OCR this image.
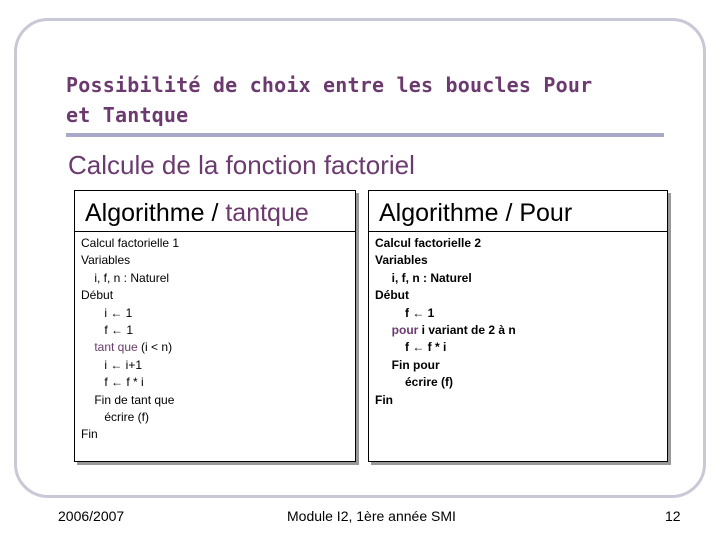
Possibilité de choix entre les boucles Pour
et Tantque
Calcule de la fonction factoriel
Algorithme / tantque
Calcul factorielle 1
Variables
i, f, n : Naturel
Début
i ← 1
f ← 1
tant que (i < n)
i ← i+1
f ← f * i
Fin de tant que
écrire (f)
Fin
Algorithme / Pour
Calcul factorielle 2
Variables
i, f, n : Naturel
Début
f ← 1
pour i variant de 2 à n
f ← f * i
Fin pour
écrire (f)
Fin
2006/2007	Module I2, 1ère année SMI	12
